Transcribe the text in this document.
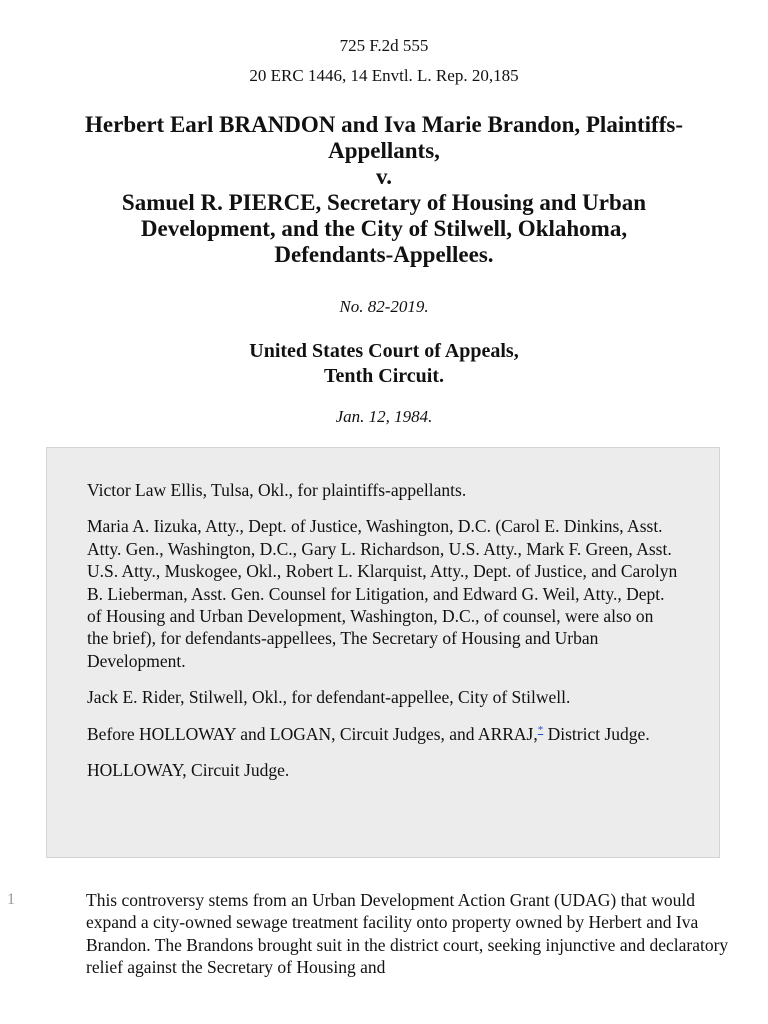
725 F.2d 555
20 ERC 1446, 14 Envtl. L. Rep. 20,185
Herbert Earl BRANDON and Iva Marie Brandon, Plaintiffs-
Appellants,
v.
Samuel R. PIERCE, Secretary of Housing and Urban
Development, and the City of Stilwell, Oklahoma,
Defendants-Appellees.
No. 82-2019.
United States Court of Appeals,
Tenth Circuit.
Jan. 12, 1984.

Victor Law Ellis, Tulsa, Okl., for plaintiffs-appellants.

Maria A. Iizuka, Atty., Dept. of Justice, Washington, D.C. (Carol E. Dinkins, Asst. Atty. Gen., Washington, D.C., Gary L. Richardson, U.S. Atty., Mark F. Green, Asst. U.S. Atty., Muskogee, Okl., Robert L. Klarquist, Atty., Dept. of Justice, and Carolyn B. Lieberman, Asst. Gen. Counsel for Litigation, and Edward G. Weil, Atty., Dept. of Housing and Urban Development, Washington, D.C., of counsel, were also on the brief), for defendants-appellees, The Secretary of Housing and Urban Development.

Jack E. Rider, Stilwell, Okl., for defendant-appellee, City of Stilwell.

Before HOLLOWAY and LOGAN, Circuit Judges, and ARRAJ,* District Judge.

HOLLOWAY, Circuit Judge.

1	This controversy stems from an Urban Development Action Grant (UDAG) that would expand a city-owned sewage treatment facility onto property owned by Herbert and Iva Brandon. The Brandons brought suit in the district court, seeking injunctive and declaratory relief against the Secretary of Housing and
